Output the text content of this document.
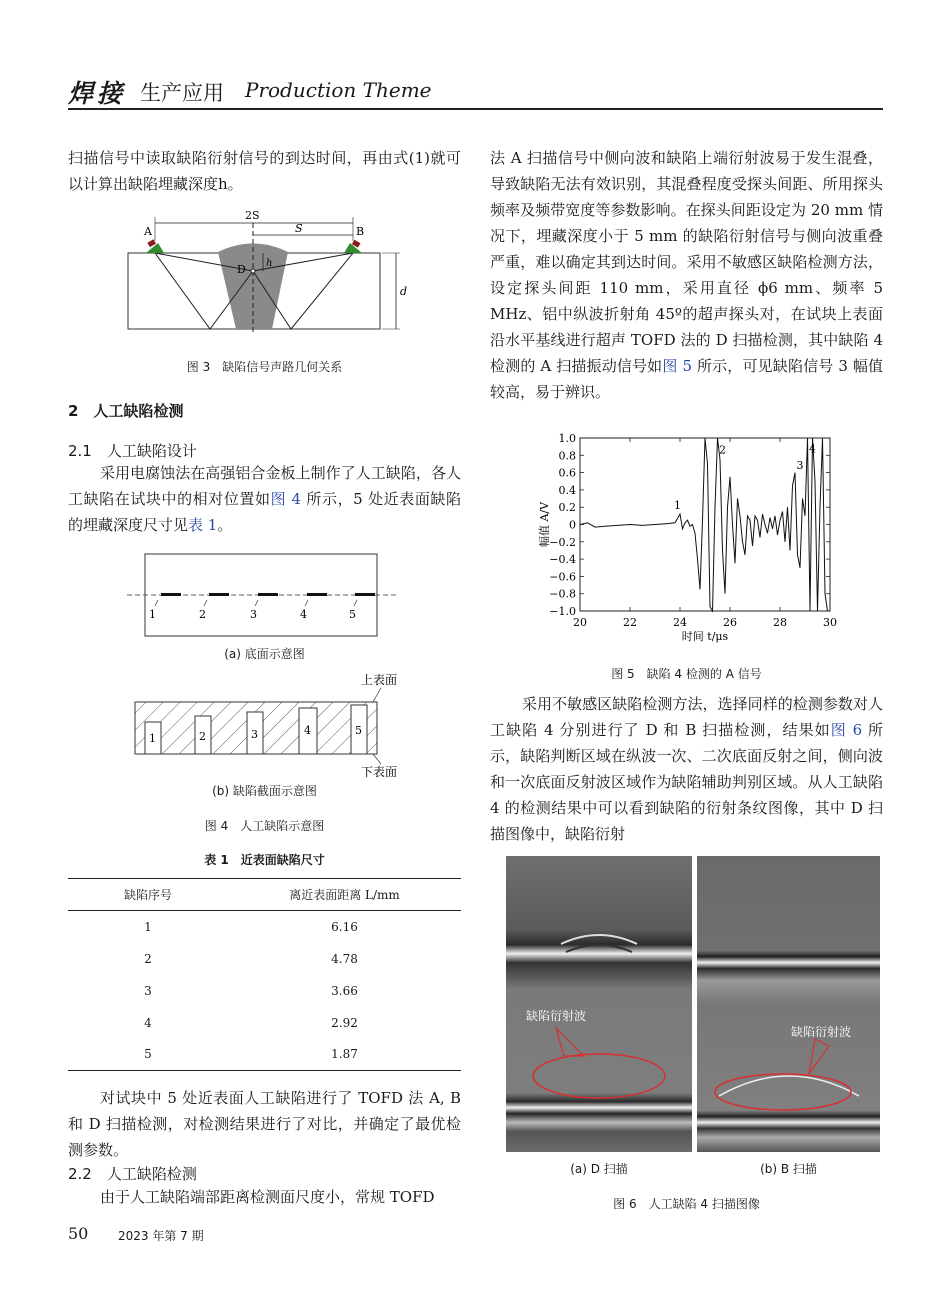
焊接 生产应用 Production Theme
扫描信号中读取缺陷衍射信号的到达时间，再由式(1)就可以计算出缺陷埋藏深度h。
A	B
D
2S
S
h
d
图 3　缺陷信号声路几何关系
2　人工缺陷检测
2.1　人工缺陷设计
采用电腐蚀法在高强铝合金板上制作了人工缺陷，各人工缺陷在试块中的相对位置如图 4 所示，5 处近表面缺陷的埋藏深度尺寸见表 1。
1	2	3	4	5
(a) 底面示意图
1	2	3	4	5
上表面
下表面
(b) 缺陷截面示意图
图 4　人工缺陷示意图
表 1　近表面缺陷尺寸
缺陷序号	离近表面距离 L/mm
1	6.16
2	4.78
3	3.66
4	2.92
5	1.87
对试块中 5 处近表面人工缺陷进行了 TOFD 法 A, B 和 D 扫描检测，对检测结果进行了对比，并确定了最优检测参数。
2.2　人工缺陷检测
由于人工缺陷端部距离检测面尺度小，常规 TOFD
法 A 扫描信号中侧向波和缺陷上端衍射波易于发生混叠，导致缺陷无法有效识别，其混叠程度受探头间距、所用探头频率及频带宽度等参数影响。在探头间距设定为 20 mm 情况下，埋藏深度小于 5 mm 的缺陷衍射信号与侧向波重叠严重，难以确定其到达时间。采用不敏感区缺陷检测方法，设定探头间距 110 mm，采用直径 ϕ6 mm、频率 5 MHz、铝中纵波折射角 45º的超声探头对，在试块上表面沿水平基线进行超声 TOFD 法的 D 扫描检测，其中缺陷 4 检测的 A 扫描振动信号如图 5 所示，可见缺陷信号 3 幅值较高，易于辨识。
1.0
0.8
0.6
0.4
0.2
0
−0.2
−0.4
−0.6
−0.8
−1.0
20	22	24	26	28	30
时间 t/μs
幅值 A/V	1
2
3
4
图 5　缺陷 4 检测的 A 信号
采用不敏感区缺陷检测方法，选择同样的检测参数对人工缺陷 4 分别进行了 D 和 B 扫描检测，结果如图 6 所示，缺陷判断区域在纵波一次、二次底面反射之间，侧向波和一次底面反射波区域作为缺陷辅助判别区域。从人工缺陷 4 的检测结果中可以看到缺陷的衍射条纹图像，其中 D 扫描图像中，缺陷衍射
缺陷衍射波
缺陷衍射波
(a) D 扫描	(b) B 扫描
图 6　人工缺陷 4 扫描图像
50 2023 年第 7 期
